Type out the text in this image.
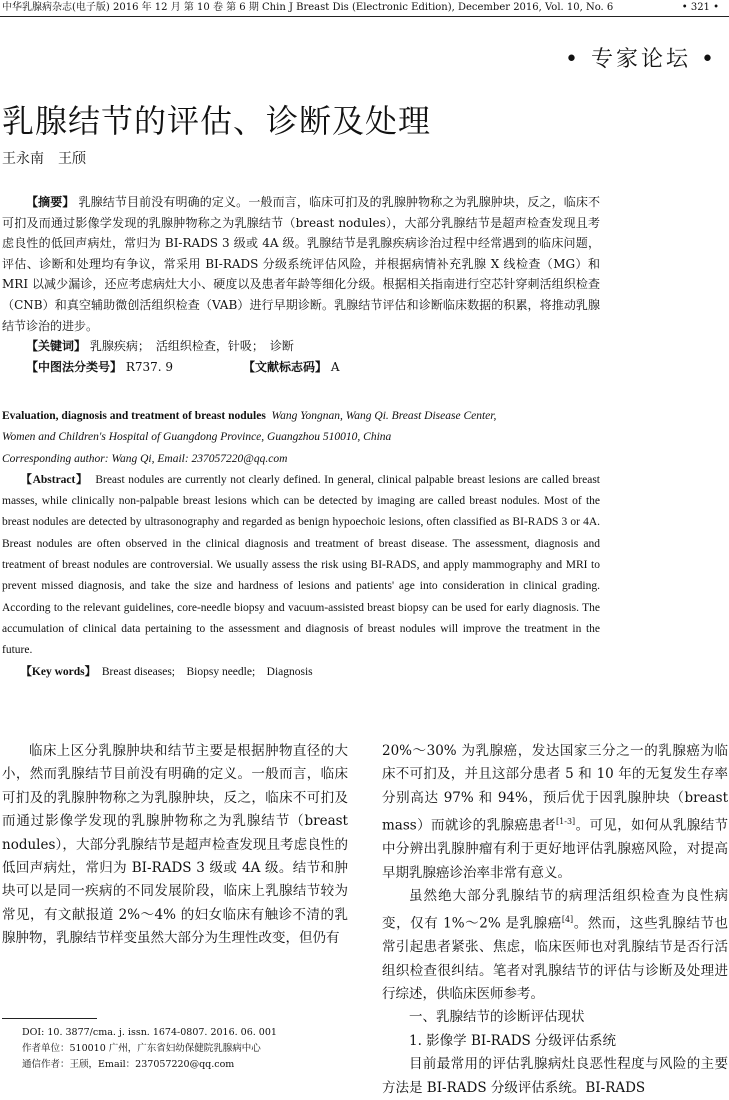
中华乳腺病杂志(电子版) 2016 年 12 月 第 10 卷 第 6 期 Chin J Breast Dis (Electronic Edition), December 2016, Vol. 10, No. 6	• 321 •
• 专家论坛 •
乳腺结节的评估、诊断及处理
王永南　王颀

【摘要】 乳腺结节目前没有明确的定义。一般而言，临床可扪及的乳腺肿物称之为乳腺肿块，反之，临床不可扪及而通过影像学发现的乳腺肿物称之为乳腺结节（breast nodules），大部分乳腺结节是超声检查发现且考虑良性的低回声病灶，常归为 BI-RADS 3 级或 4A 级。乳腺结节是乳腺疾病诊治过程中经常遇到的临床问题，评估、诊断和处理均有争议，常采用 BI-RADS 分级系统评估风险，并根据病情补充乳腺 X 线检查（MG）和 MRI 以减少漏诊，还应考虑病灶大小、硬度以及患者年龄等细化分级。根据相关指南进行空芯针穿刺活组织检查（CNB）和真空辅助微创活组织检查（VAB）进行早期诊断。乳腺结节评估和诊断临床数据的积累，将推动乳腺结节诊治的进步。

【关键词】 乳腺疾病；　活组织检查，针吸；　诊断

【中图法分类号】 R737. 9	【文献标志码】 A

Evaluation, diagnosis and treatment of breast nodules Wang Yongnan, Wang Qi. Breast Disease Center,

Women and Children's Hospital of Guangdong Province, Guangzhou 510010, China

Corresponding author: Wang Qi, Email: 237057220@qq.com

【Abstract】 Breast nodules are currently not clearly defined. In general, clinical palpable breast lesions are called breast masses, while clinically non-palpable breast lesions which can be detected by imaging are called breast nodules. Most of the breast nodules are detected by ultrasonography and regarded as benign hypoechoic lesions, often classified as BI-RADS 3 or 4A. Breast nodules are often observed in the clinical diagnosis and treatment of breast disease. The assessment, diagnosis and treatment of breast nodules are controversial. We usually assess the risk using BI-RADS, and apply mammography and MRI to prevent missed diagnosis, and take the size and hardness of lesions and patients' age into consideration in clinical grading. According to the relevant guidelines, core-needle biopsy and vacuum-assisted breast biopsy can be used for early diagnosis. The accumulation of clinical data pertaining to the assessment and diagnosis of breast nodules will improve the treatment in the future.

【Key words】 Breast diseases;　Biopsy needle;　Diagnosis

临床上区分乳腺肿块和结节主要是根据肿物直径的大小，然而乳腺结节目前没有明确的定义。一般而言，临床可扪及的乳腺肿物称之为乳腺肿块，反之，临床不可扪及而通过影像学发现的乳腺肿物称之为乳腺结节（breast nodules），大部分乳腺结节是超声检查发现且考虑良性的低回声病灶，常归为 BI-RADS 3 级或 4A 级。结节和肿块可以是同一疾病的不同发展阶段，临床上乳腺结节较为常见，有文献报道 2%～4% 的妇女临床有触诊不清的乳腺肿物，乳腺结节样变虽然大部分为生理性改变，但仍有

20%～30% 为乳腺癌，发达国家三分之一的乳腺癌为临床不可扪及，并且这部分患者 5 和 10 年的无复发生存率分别高达 97% 和 94%，预后优于因乳腺肿块（breast mass）而就诊的乳腺癌患者[1-3]。可见，如何从乳腺结节中分辨出乳腺肿瘤有利于更好地评估乳腺癌风险，对提高早期乳腺癌诊治率非常有意义。

虽然绝大部分乳腺结节的病理活组织检查为良性病变，仅有 1%～2% 是乳腺癌[4]。然而，这些乳腺结节也常引起患者紧张、焦虑，临床医师也对乳腺结节是否行活组织检查很纠结。笔者对乳腺结节的评估与诊断及处理进行综述，供临床医师参考。

一、乳腺结节的诊断评估现状

1. 影像学 BI-RADS 分级评估系统

目前最常用的评估乳腺病灶良恶性程度与风险的主要方法是 BI-RADS 分级评估系统。BI-RADS

DOI: 10. 3877/cma. j. issn. 1674-0807. 2016. 06. 001
作者单位：510010 广州，广东省妇幼保健院乳腺病中心
通信作者：王颀，Email：237057220@qq.com
